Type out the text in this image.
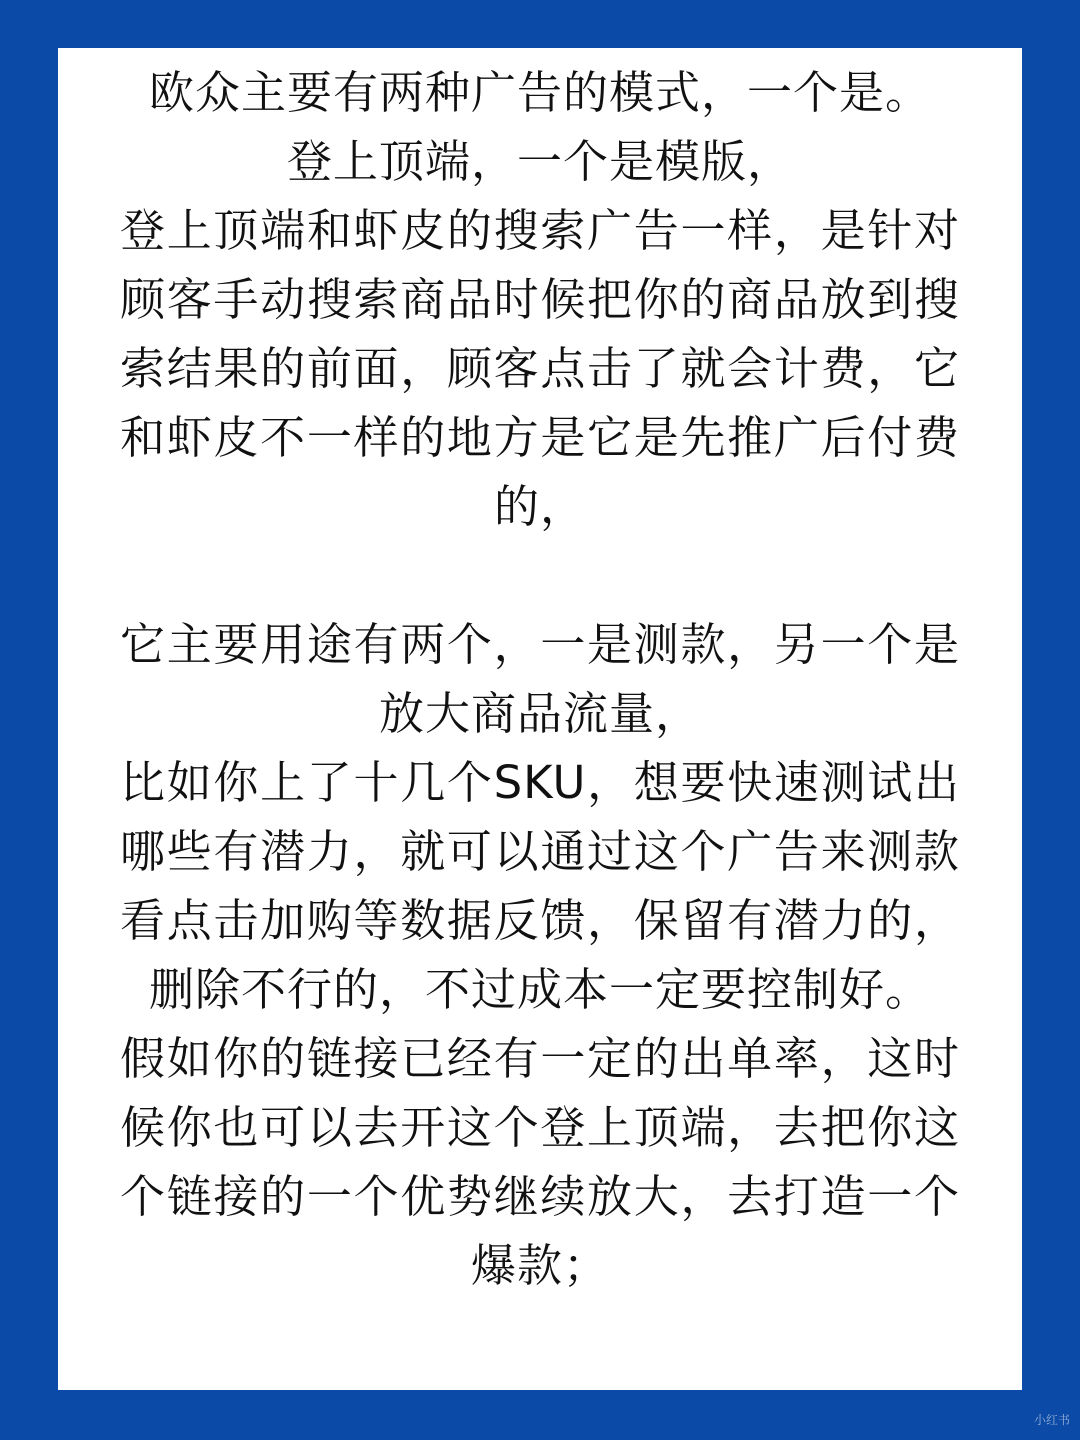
欧众主要有两种广告的模式，一个是。

登上顶端，一个是模版，

登上顶端和虾皮的搜索广告一样，是针对顾客手动搜索商品时候把你的商品放到搜索结果的前面，顾客点击了就会计费，它和虾皮不一样的地方是它是先推广后付费的，

它主要用途有两个，一是测款，另一个是放大商品流量，

比如你上了十几个SKU，想要快速测试出哪些有潜力，就可以通过这个广告来测款看点击加购等数据反馈，保留有潜力的，删除不行的，不过成本一定要控制好。

假如你的链接已经有一定的出单率，这时候你也可以去开这个登上顶端，去把你这个链接的一个优势继续放大，去打造一个爆款；

小红书
